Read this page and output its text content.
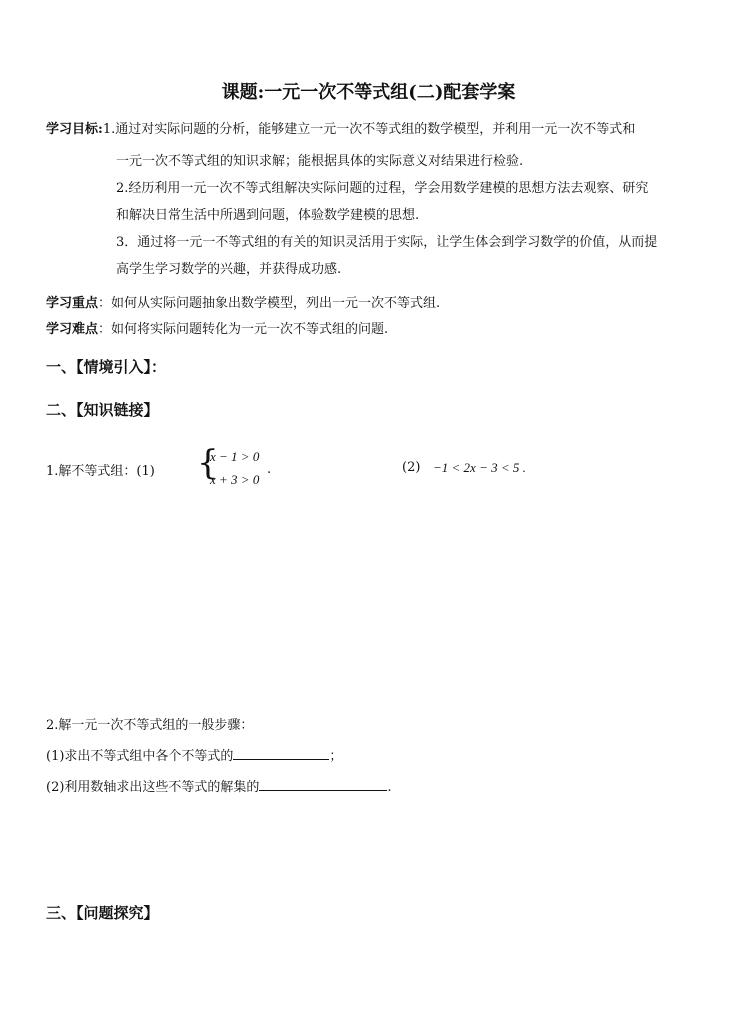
课题:一元一次不等式组(二)配套学案
学习目标:1.通过对实际问题的分析，能够建立一元一次不等式组的数学模型，并利用一元一次不等式和
一元一次不等式组的知识求解；能根据具体的实际意义对结果进行检验.
2.经历利用一元一次不等式组解决实际问题的过程，学会用数学建模的思想方法去观察、研究
和解决日常生活中所遇到问题，体验数学建模的思想.
3．通过将一元一不等式组的有关的知识灵活用于实际，让学生体会到学习数学的价值，从而提
高学生学习数学的兴趣，并获得成功感.
学习重点：如何从实际问题抽象出数学模型，列出一元一次不等式组.
学习难点：如何将实际问题转化为一元一次不等式组的问题.
一、【情境引入】：
二、【知识链接】
1.解不等式组：(1) {
x − 1 > 0
x + 3 > 0
.	(2) −1 < 2x − 3 < 5 .
2.解一元一次不等式组的一般步骤：
(1)求出不等式组中各个不等式的	；
(2)利用数轴求出这些不等式的解集的	.
三、【问题探究】
